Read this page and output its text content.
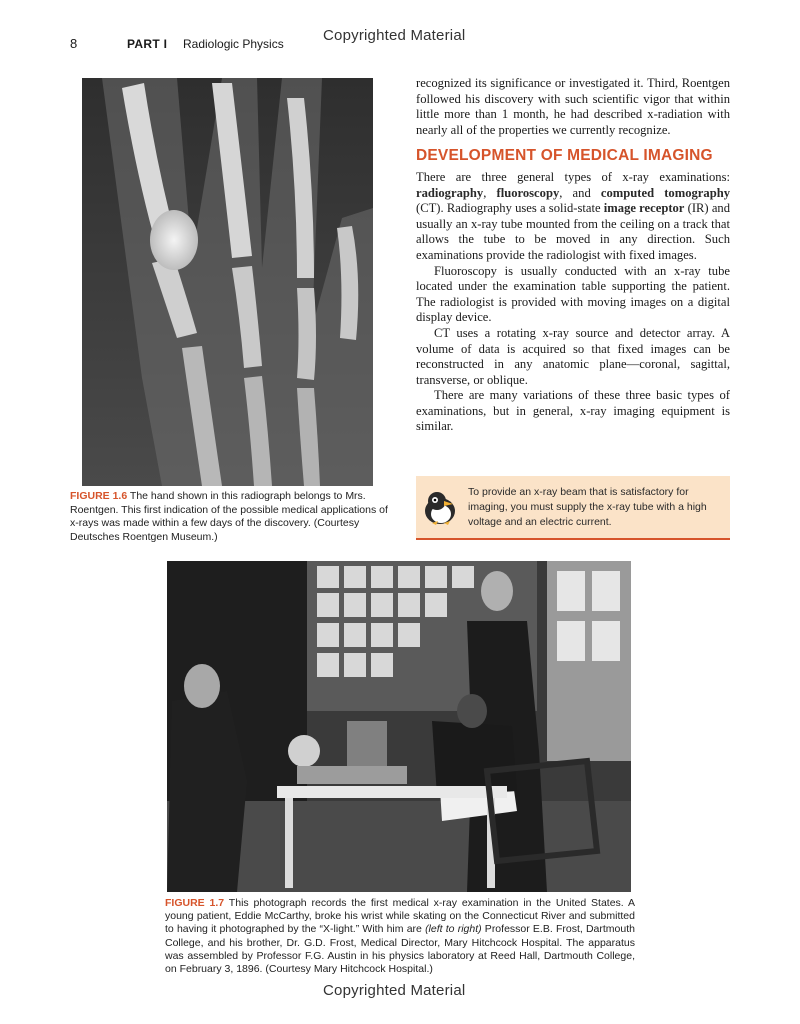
8	PART I Radiologic Physics	Copyrighted Material
FIGURE 1.6 The hand shown in this radiograph belongs to Mrs. Roentgen. This first indication of the possible medical applications of x-rays was made within a few days of the discovery. (Courtesy Deutsches Roentgen Museum.)

recognized its significance or investigated it. Third, Roentgen followed his discovery with such scientific vigor that within little more than 1 month, he had described x-radiation with nearly all of the properties we currently recognize.

DEVELOPMENT OF MEDICAL IMAGING

There are three general types of x-ray examinations: radiography, fluoroscopy, and computed tomography (CT). Radiography uses a solid-state image receptor (IR) and usually an x-ray tube mounted from the ceiling on a track that allows the tube to be moved in any direction. Such examinations provide the radiologist with fixed images.

Fluoroscopy is usually conducted with an x-ray tube located under the examination table supporting the patient. The radiologist is provided with moving images on a digital display device.

CT uses a rotating x-ray source and detector array. A volume of data is acquired so that fixed images can be reconstructed in any anatomic plane—coronal, sagittal, transverse, or oblique.

There are many variations of these three basic types of examinations, but in general, x-ray imaging equipment is similar.

To provide an x-ray beam that is satisfactory for imaging, you must supply the x-ray tube with a high voltage and an electric current.
FIGURE 1.7 This photograph records the first medical x-ray examination in the United States. A young patient, Eddie McCarthy, broke his wrist while skating on the Connecticut River and submitted to having it photographed by the “X-light.” With him are (left to right) Professor E.B. Frost, Dartmouth College, and his brother, Dr. G.D. Frost, Medical Director, Mary Hitchcock Hospital. The apparatus was assembled by Professor F.G. Austin in his physics laboratory at Reed Hall, Dartmouth College, on February 3, 1896. (Courtesy Mary Hitchcock Hospital.)
Copyrighted Material
